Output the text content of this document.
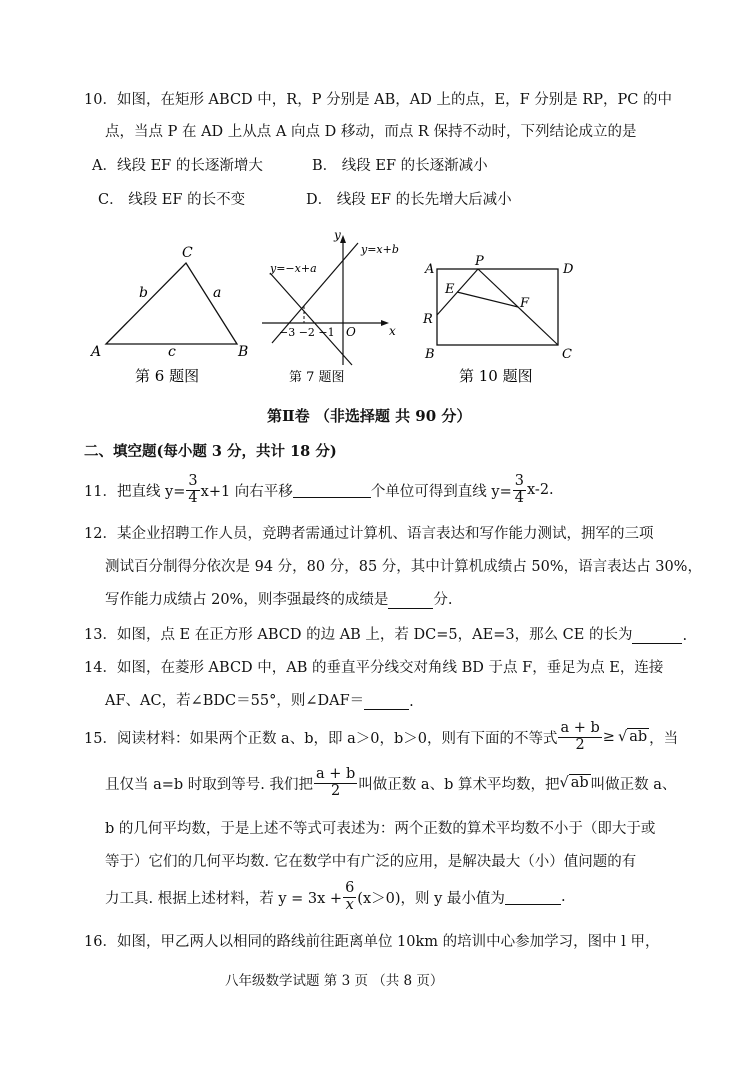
10．如图，在矩形 ABCD 中，R，P 分别是 AB，AD 上的点，E，F 分别是 RP，PC 的中
点，当点 P 在 AD 上从点 A 向点 D 移动，而点 R 保持不动时，下列结论成立的是
A．线段 EF 的长逐渐增大	B． 线段 EF 的长逐渐减小
C． 线段 EF 的长不变	D． 线段 EF 的长先增大后减小
C
A	B
b	a
c
第 6 题图
y
x
O
y=−x+a
y=x+b
−3 −2 −1
第 7 题图
A
P
D
E
F
R
B	C
第 10 题图
第Ⅱ卷 （非选择题 共 90 分）
二、填空题(每小题 3 分，共计 18 分)
11．把直线 $y= \frac{3}{4} x+1$ 向右平移	个单位可得到直线 $y= \frac{3}{4} x-2$.
12．某企业招聘工作人员，竞聘者需通过计算机、语言表达和写作能力测试，拥军的三项
测试百分制得分依次是 94 分，80 分，85 分，其中计算机成绩占 50%，语言表达占 30%，
写作能力成绩占 20%，则李强最终的成绩是	分.
13．如图，点 E 在正方形 ABCD 的边 AB 上，若 DC=5，AE=3，那么 CE 的长为	.
14．如图，在菱形 ABCD 中，AB 的垂直平分线交对角线 BD 于点 F，垂足为点 E，连接
AF、AC，若∠BDC＝55°，则∠DAF＝	.
15．阅读材料：如果两个正数 a、b，即 a＞0，b＞0，则有下面的不等式 $\frac{a + b}{2}$ ≥ √ ab ，当
且仅当 a=b 时取到等号. 我们把 $\frac{a + b}{2}$ 叫做正数 a、b 算术平均数，把 √ ab 叫做正数 a、
b 的几何平均数，于是上述不等式可表述为：两个正数的算术平均数不小于（即大于或
等于）它们的几何平均数. 它在数学中有广泛的应用，是解决最大（小）值问题的有
力工具. 根据上述材料，若 $y = 3x + \frac{6}{x} (x>0)$，则 y 最小值为	.
16．如图，甲乙两人以相同的路线前往距离单位 10km 的培训中心参加学习，图中 l 甲，
八年级数学试题 第 3 页 （共 8 页）
